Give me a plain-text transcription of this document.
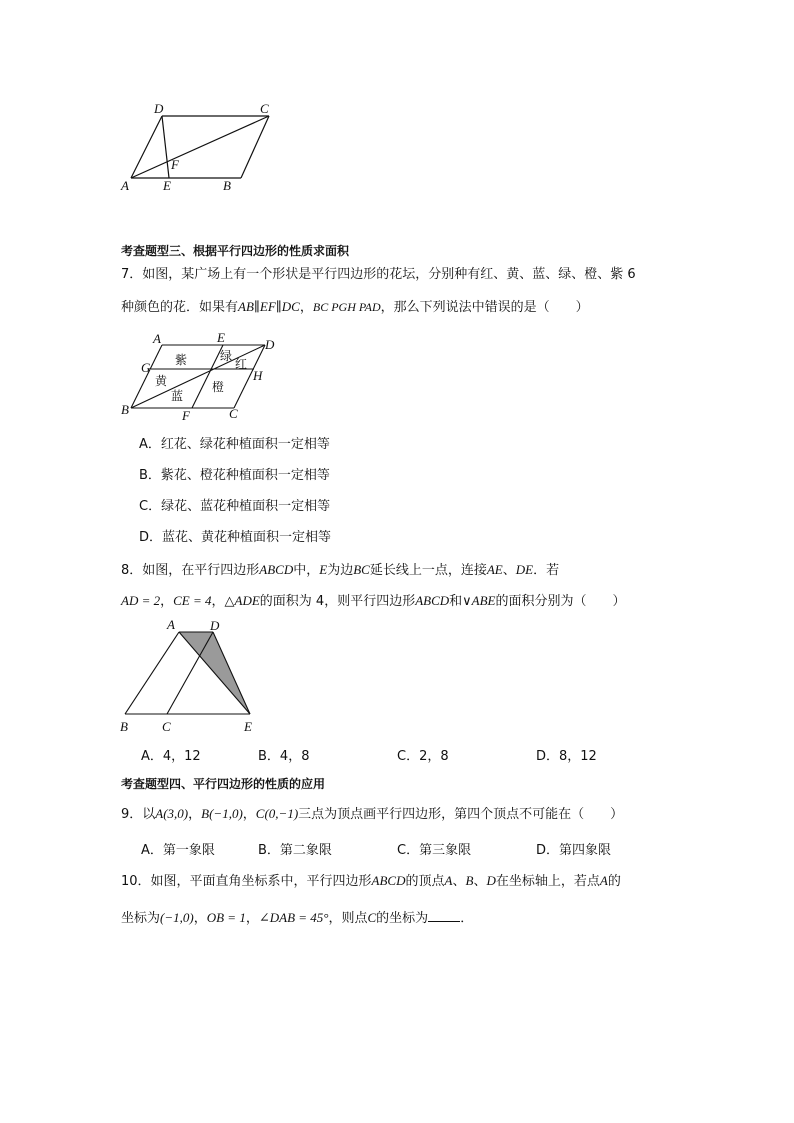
D	C
F
A	E	B
考查题型三、根据平行四边形的性质求面积
7．如图，某广场上有一个形状是平行四边形的花坛，分别种有红、黄、蓝、绿、橙、紫 6
种颜色的花．如果有AB∥EF∥DC，BC PGH PAD，那么下列说法中错误的是（　　）
A	E	D
G
H
B	F	C
紫	绿
红
黄	橙
蓝
A．红花、绿花种植面积一定相等
B．紫花、橙花种植面积一定相等
C．绿花、蓝花种植面积一定相等
D．蓝花、黄花种植面积一定相等
8．如图，在平行四边形ABCD中，E为边BC延长线上一点，连接AE、DE．若
AD = 2，CE = 4，△ADE的面积为 4，则平行四边形ABCD和∨ABE的面积分别为（　　）
A	D
B	C	E
A．4，12	B．4，8	C．2，8	D．8，12
考查题型四、平行四边形的性质的应用
9．以A(3,0)，B(−1,0)，C(0,−1)三点为顶点画平行四边形，第四个顶点不可能在（　　）
A．第一象限	B．第二象限	C．第三象限	D．第四象限
10．如图，平面直角坐标系中，平行四边形ABCD的顶点A、B、D在坐标轴上，若点A的
坐标为(−1,0)，OB = 1，∠DAB = 45°，则点C的坐标为 ．
